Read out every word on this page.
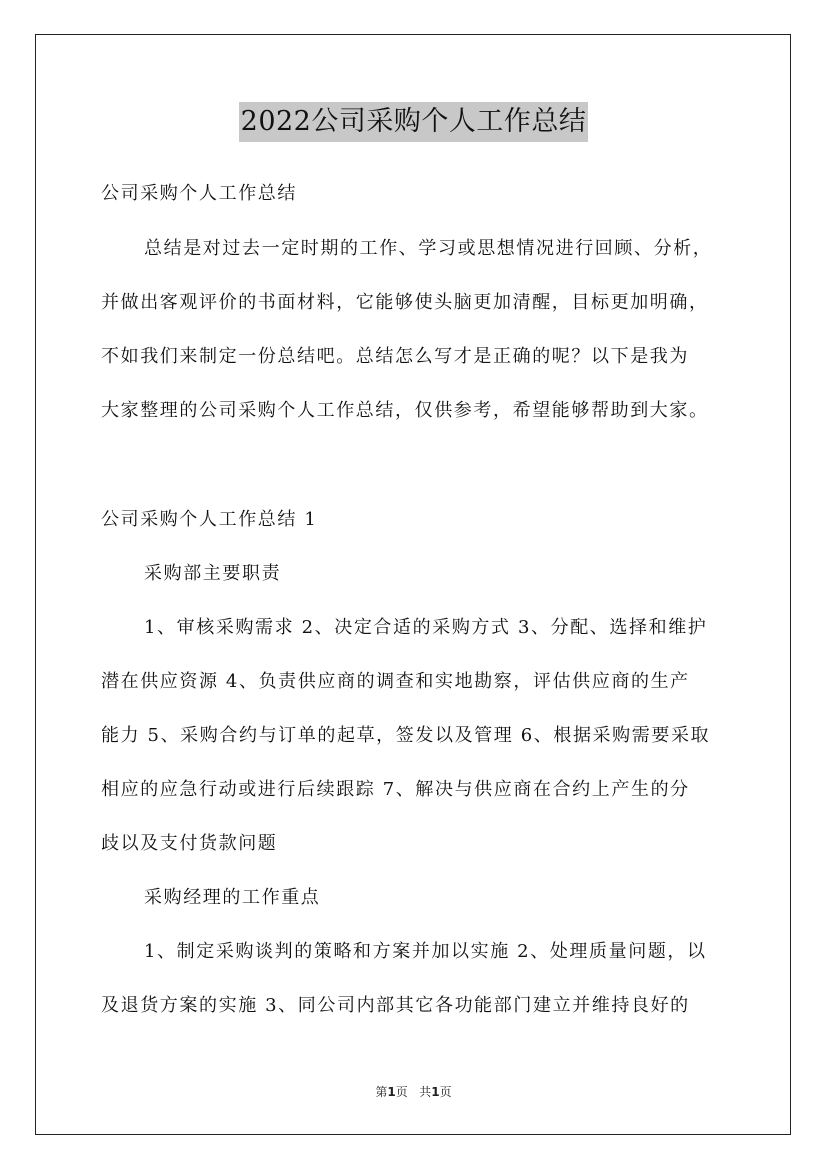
2022公司采购个人工作总结
公司采购个人工作总结
总结是对过去一定时期的工作、学习或思想情况进行回顾、分析，
并做出客观评价的书面材料，它能够使头脑更加清醒，目标更加明确，
不如我们来制定一份总结吧。总结怎么写才是正确的呢？以下是我为
大家整理的公司采购个人工作总结，仅供参考，希望能够帮助到大家。
公司采购个人工作总结 1
采购部主要职责
1、审核采购需求 2、决定合适的采购方式 3、分配、选择和维护
潜在供应资源 4、负责供应商的调查和实地勘察，评估供应商的生产
能力 5、采购合约与订单的起草，签发以及管理 6、根据采购需要采取
相应的应急行动或进行后续跟踪 7、解决与供应商在合约上产生的分
歧以及支付货款问题
采购经理的工作重点
1、制定采购谈判的策略和方案并加以实施 2、处理质量问题，以
及退货方案的实施 3、同公司内部其它各功能部门建立并维持良好的
第1页 共1页
